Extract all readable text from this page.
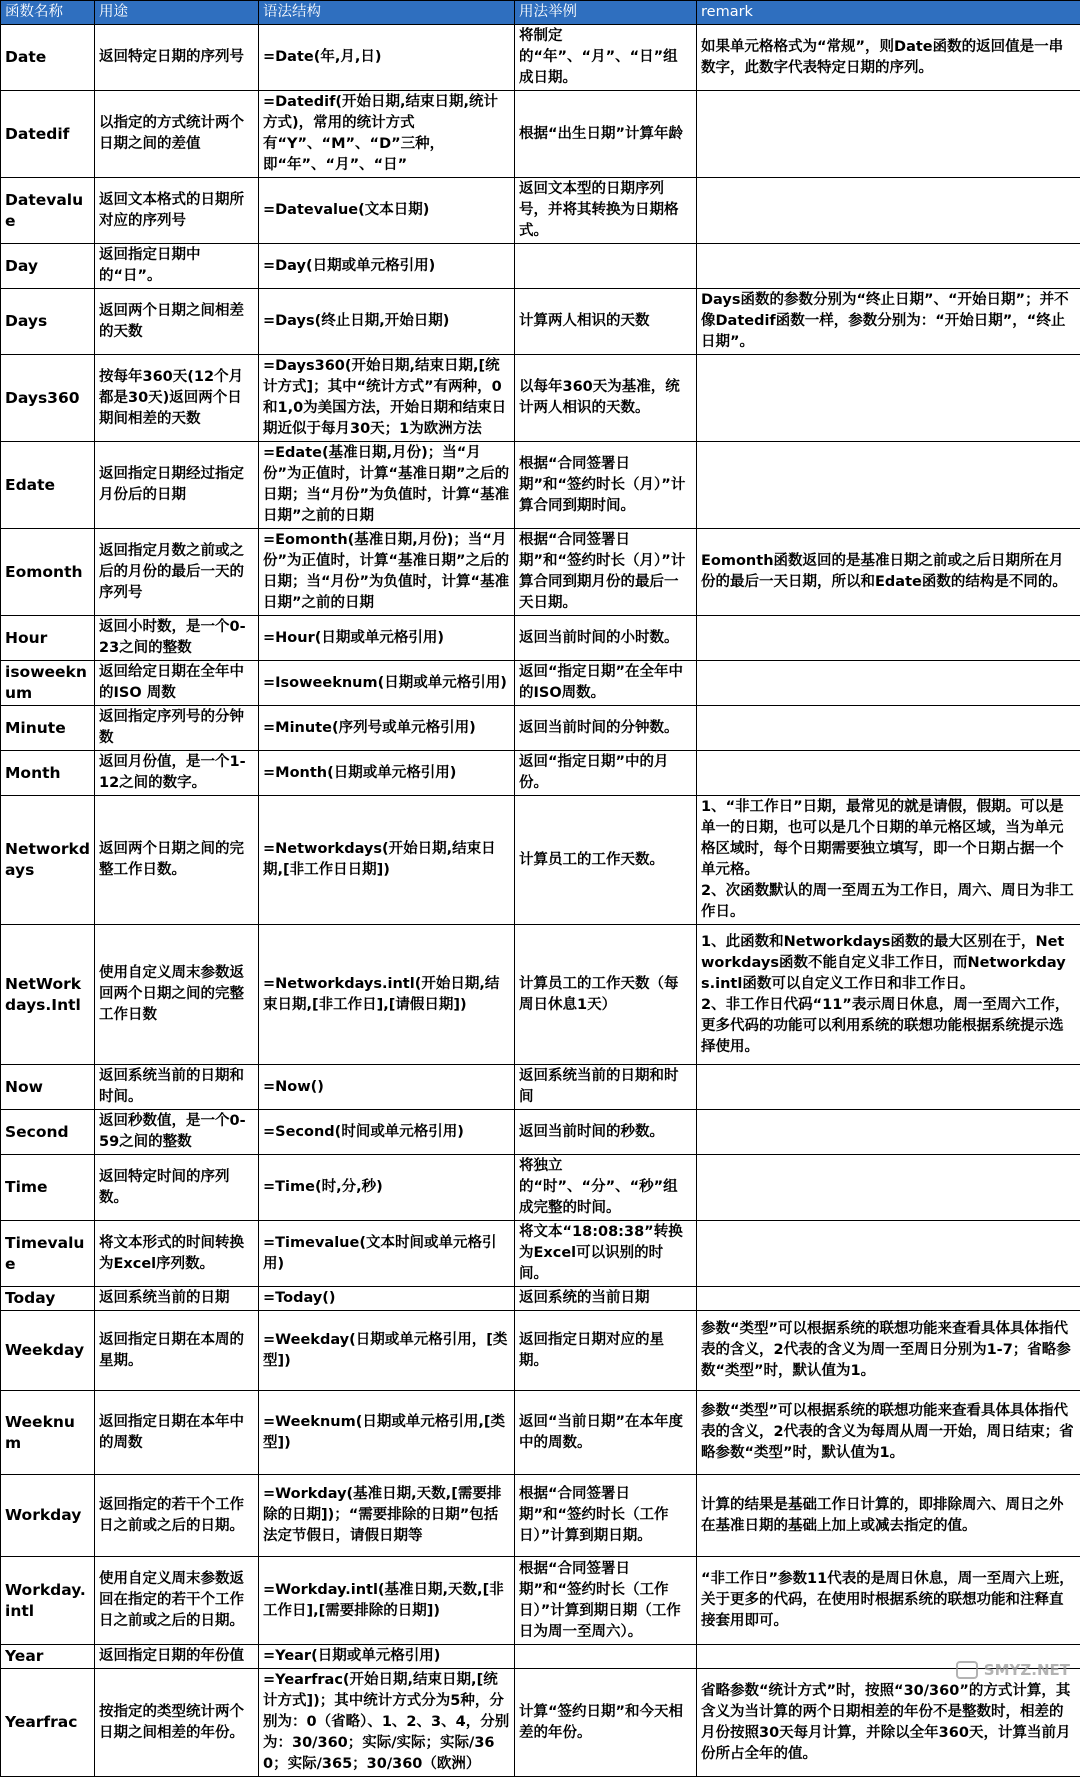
函数名称	用途	语法结构	用法举例	remark
Date	返回特定日期的序列号	=Date(年,月,日)	将制定的“年”、“月”、“日”组成日期。	如果单元格格式为“常规”，则Date函数的返回值是一串数字，此数字代表特定日期的序列。
Datedif	以指定的方式统计两个日期之间的差值	=Datedif(开始日期,结束日期,统计方式)，常用的统计方式有“Y”、“M”、“D”三种，即“年”、“月”、“日”	根据“出生日期”计算年龄	
Datevalue	返回文本格式的日期所对应的序列号	=Datevalue(文本日期)	返回文本型的日期序列号，并将其转换为日期格式。	
Day	返回指定日期中的“日”。	=Day(日期或单元格引用)		
Days	返回两个日期之间相差的天数	=Days(终止日期,开始日期)	计算两人相识的天数	Days函数的参数分别为“终止日期”、“开始日期”；并不像Datedif函数一样，参数分别为：“开始日期”，“终止日期”。
Days360	按每年360天(12个月都是30天)返回两个日期间相差的天数	=Days360(开始日期,结束日期,[统计方式]；其中“统计方式”有两种，0和1,0为美国方法，开始日期和结束日期近似于每月30天；1为欧洲方法	以每年360天为基准，统计两人相识的天数。	
Edate	返回指定日期经过指定月份后的日期	=Edate(基准日期,月份)；当“月份”为正值时，计算“基准日期”之后的日期；当“月份”为负值时，计算“基准日期”之前的日期	根据“合同签署日期”和“签约时长（月）”计算合同到期时间。	
Eomonth	返回指定月数之前或之后的月份的最后一天的序列号	=Eomonth(基准日期,月份)；当“月份”为正值时，计算“基准日期”之后的日期；当“月份”为负值时，计算“基准日期”之前的日期	根据“合同签署日期”和“签约时长（月）”计算合同到期月份的最后一天日期。	Eomonth函数返回的是基准日期之前或之后日期所在月份的最后一天日期，所以和Edate函数的结构是不同的。
Hour	返回小时数，是一个0-23之间的整数	=Hour(日期或单元格引用)	返回当前时间的小时数。	
isoweeknum	返回给定日期在全年中的ISO 周数	=Isoweeknum(日期或单元格引用)	返回“指定日期”在全年中的ISO周数。	
Minute	返回指定序列号的分钟数	=Minute(序列号或单元格引用)	返回当前时间的分钟数。	
Month	返回月份值，是一个1-12之间的数字。	=Month(日期或单元格引用)	返回“指定日期”中的月份。	
Networkdays	返回两个日期之间的完整工作日数。	=Networkdays(开始日期,结束日期,[非工作日日期])	计算员工的工作天数。	1、“非工作日”日期，最常见的就是请假，假期。可以是单一的日期，也可以是几个日期的单元格区域，当为单元格区域时，每个日期需要独立填写，即一个日期占据一个单元格。
2、次函数默认的周一至周五为工作日，周六、周日为非工作日。
NetWorkdays.Intl	使用自定义周末参数返回两个日期之间的完整工作日数	=Networkdays.intl(开始日期,结束日期,[非工作日],[请假日期])	计算员工的工作天数（每周日休息1天）	1、此函数和Networkdays函数的最大区别在于，Networkdays函数不能自定义非工作日，而Networkdays.intl函数可以自定义工作日和非工作日。
2、非工作日代码“11”表示周日休息，周一至周六工作，更多代码的功能可以利用系统的联想功能根据系统提示选择使用。
Now	返回系统当前的日期和时间。	=Now()	返回系统当前的日期和时间	
Second	返回秒数值，是一个0-59之间的整数	=Second(时间或单元格引用)	返回当前时间的秒数。	
Time	返回特定时间的序列数。	=Time(时,分,秒)	将独立的“时”、“分”、“秒”组成完整的时间。	
Timevalue	将文本形式的时间转换为Excel序列数。	=Timevalue(文本时间或单元格引用)	将文本“18:08:38”转换为Excel可以识别的时间。	
Today	返回系统当前的日期	=Today()	返回系统的当前日期	
Weekday	返回指定日期在本周的星期。	=Weekday(日期或单元格引用，[类型])	返回指定日期对应的星期。	参数“类型”可以根据系统的联想功能来查看具体具体指代表的含义，2代表的含义为周一至周日分别为1-7；省略参数“类型”时，默认值为1。
Weeknum	返回指定日期在本年中的周数	=Weeknum(日期或单元格引用,[类型])	返回“当前日期”在本年度中的周数。	参数“类型”可以根据系统的联想功能来查看具体具体指代表的含义，2代表的含义为每周从周一开始，周日结束；省略参数“类型”时，默认值为1。
Workday	返回指定的若干个工作日之前或之后的日期。	=Workday(基准日期,天数,[需要排除的日期])；“需要排除的日期”包括法定节假日，请假日期等	根据“合同签署日期”和“签约时长（工作日）”计算到期日期。	计算的结果是基础工作日计算的，即排除周六、周日之外在基准日期的基础上加上或减去指定的值。
Workday.intl	使用自定义周末参数返回在指定的若干个工作日之前或之后的日期。	=Workday.intl(基准日期,天数,[非工作日],[需要排除的日期])	根据“合同签署日期”和“签约时长（工作日）”计算到期日期（工作日为周一至周六）。	“非工作日”参数11代表的是周日休息，周一至周六上班，关于更多的代码，在使用时根据系统的联想功能和注释直接套用即可。
Year	返回指定日期的年份值	=Year(日期或单元格引用)		
Yearfrac	按指定的类型统计两个日期之间相差的年份。	=Yearfrac(开始日期,结束日期,[统计方式])；其中统计方式分为5种，分别为：0（省略）、1、2、3、4，分别为：30/360；实际/实际；实际/360；实际/365；30/360（欧洲）	计算“签约日期”和今天相差的年份。	省略参数“统计方式”时，按照“30/360”的方式计算，其含义为当计算的两个日期相差的年份不是整数时，相差的月份按照30天每月计算，并除以全年360天，计算当前月份所占全年的值。
SMYZ.NET
